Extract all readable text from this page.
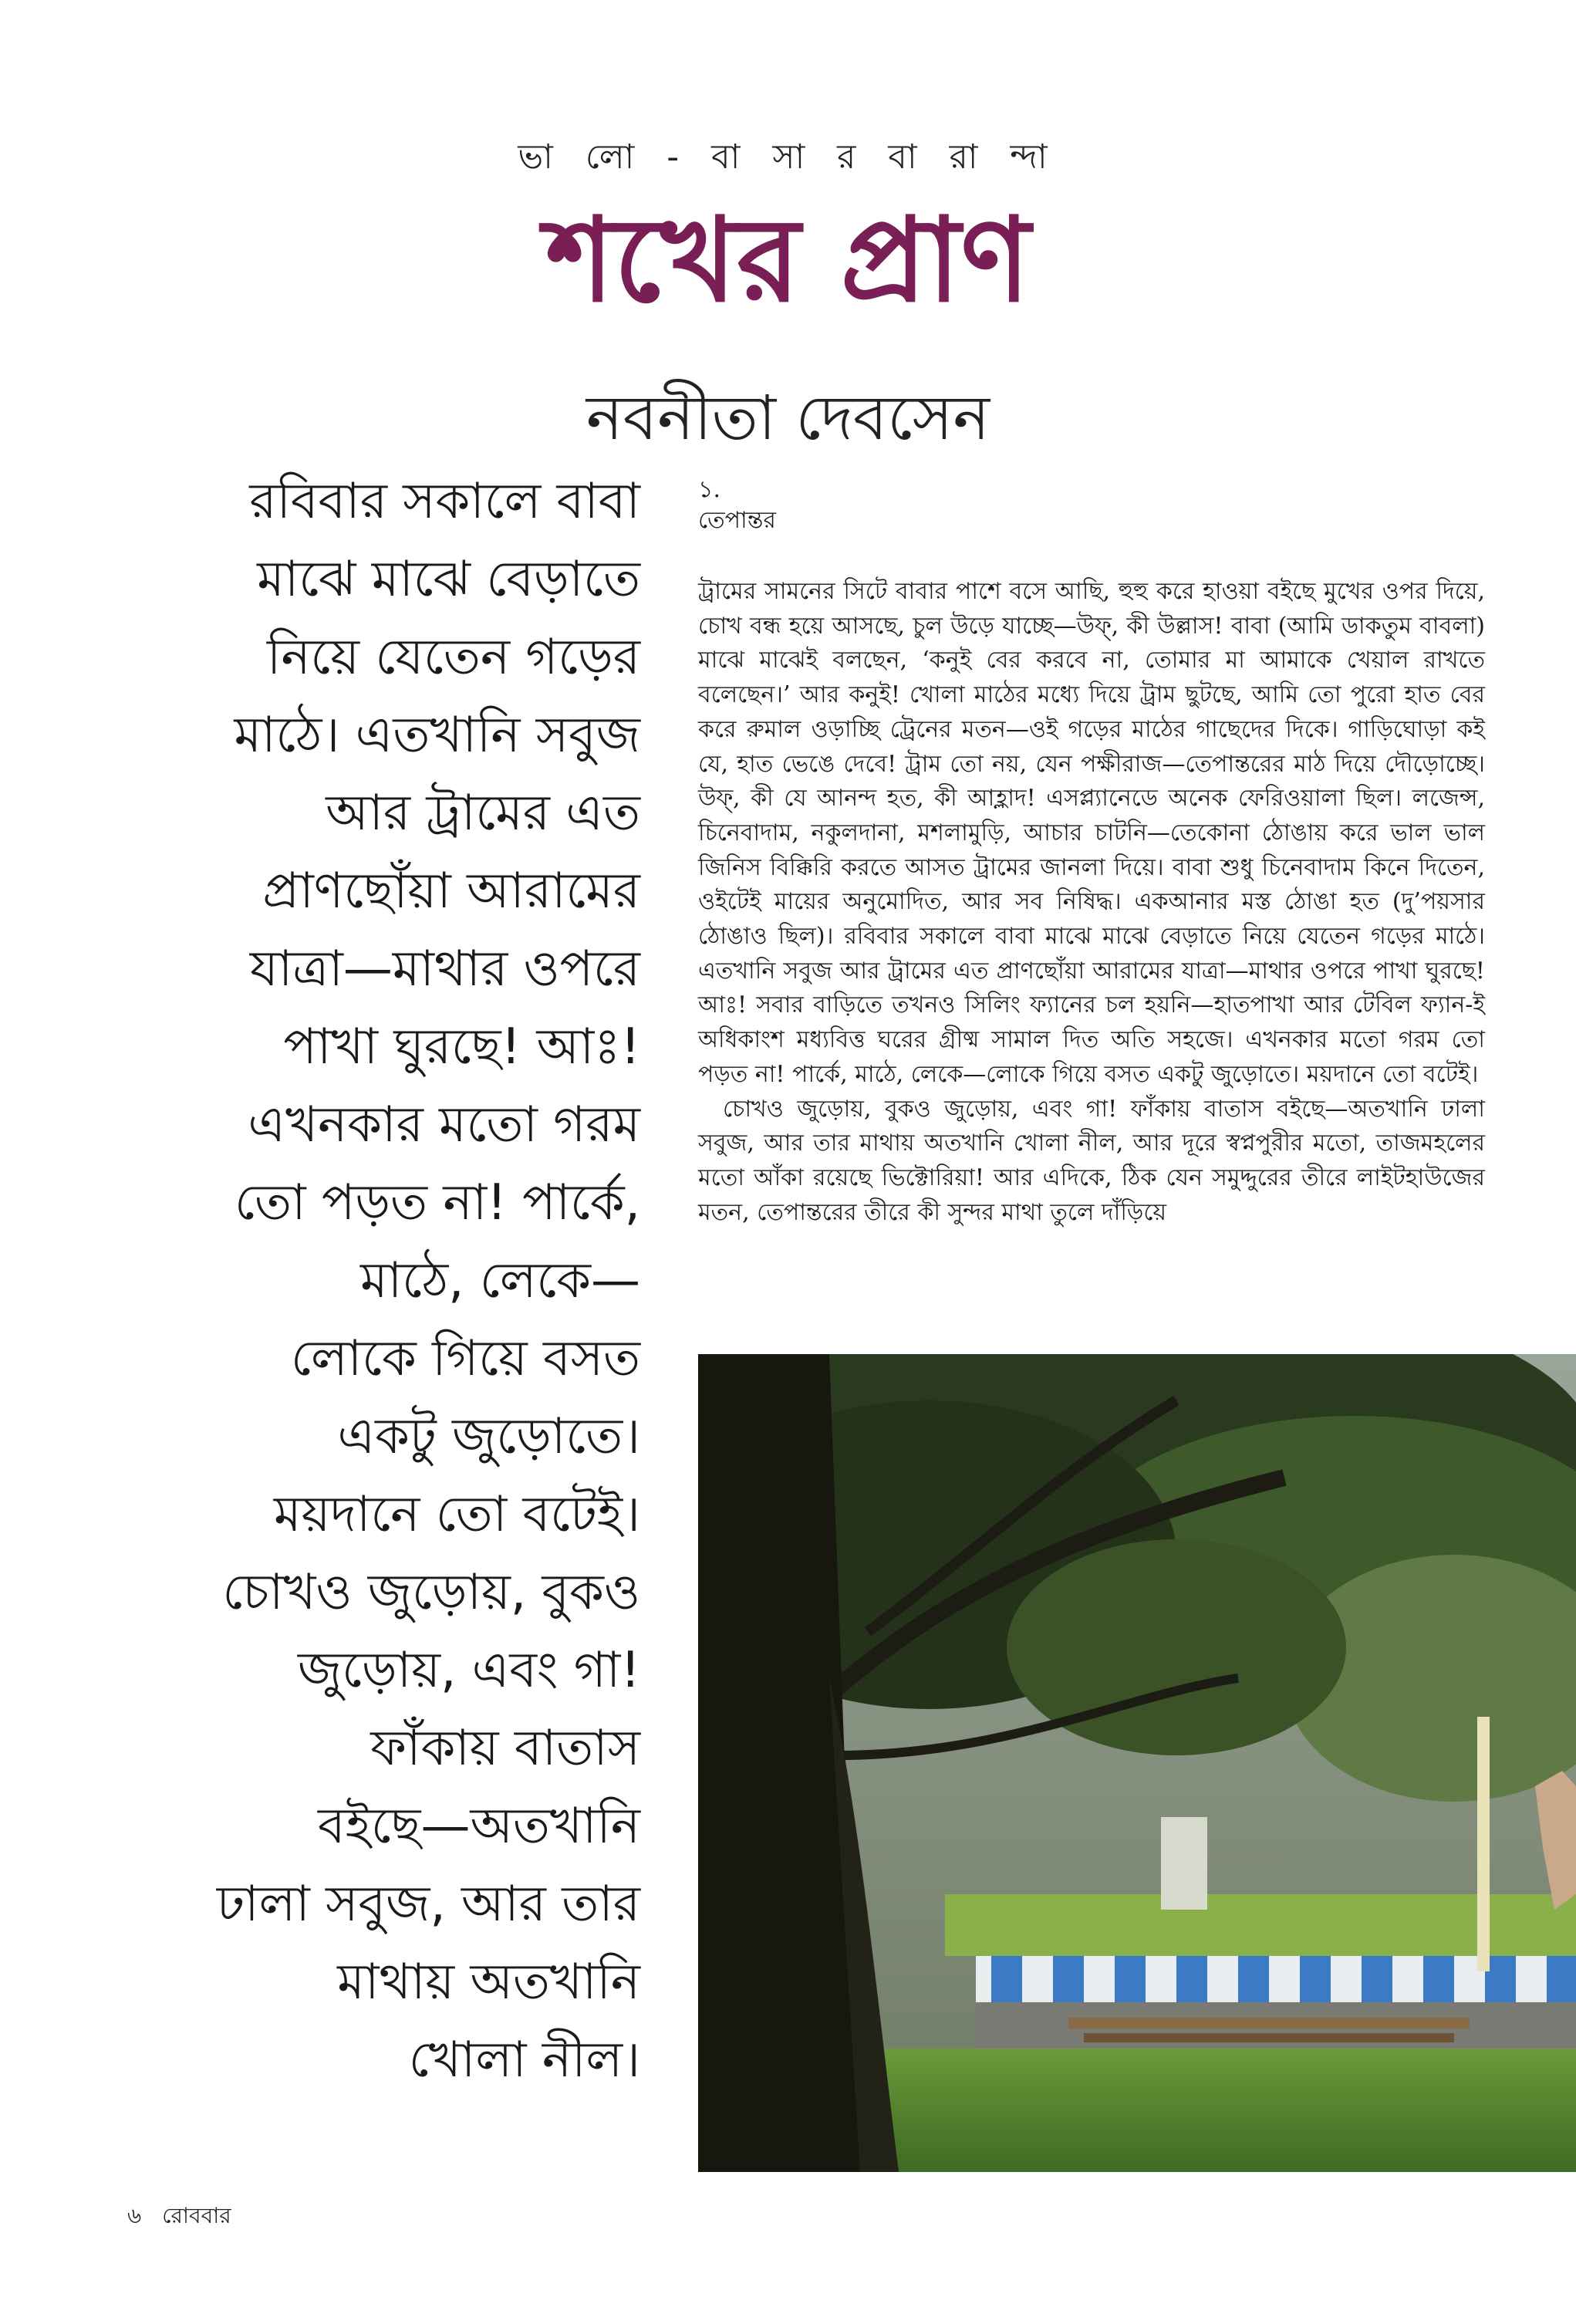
ভা লো - বা সা র বা রা ন্দা
শখের প্রাণ
নবনীতা দেবসেন
রবিবার সকালে বাবা
মাঝে মাঝে বেড়াতে
নিয়ে যেতেন গড়ের
মাঠে। এতখানি সবুজ
আর ট্রামের এত
প্রাণছোঁয়া আরামের
যাত্রা—মাথার ওপরে
পাখা ঘুরছে! আঃ!
এখনকার মতো গরম
তো পড়ত না! পার্কে,
মাঠে, লেকে—
লোকে গিয়ে বসত
একটু জুড়োতে।
ময়দানে তো বটেই।
চোখও জুড়োয়, বুকও
জুড়োয়, এবং গা!
ফাঁকায় বাতাস
বইছে—অতখানি
ঢালা সবুজ, আর তার
মাথায় অতখানি
খোলা নীল।
১.
তেপান্তর

ট্রামের সামনের সিটে বাবার পাশে বসে আছি, হুহু করে হাওয়া বইছে মুখের ওপর দিয়ে, চোখ বন্ধ হয়ে আসছে, চুল উড়ে যাচ্ছে—উফ্‌, কী উল্লাস! বাবা (আমি ডাকতুম বাবলা) মাঝে মাঝেই বলছেন, ‘কনুই বের করবে না, তোমার মা আমাকে খেয়াল রাখতে বলেছেন।’ আর কনুই! খোলা মাঠের মধ্যে দিয়ে ট্রাম ছুটছে, আমি তো পুরো হাত বের করে রুমাল ওড়াচ্ছি ট্রেনের মতন—ওই গড়ের মাঠের গাছেদের দিকে। গাড়িঘোড়া কই যে, হাত ভেঙে দেবে! ট্রাম তো নয়, যেন পক্ষীরাজ—তেপান্তরের মাঠ দিয়ে দৌড়োচ্ছে। উফ্‌, কী যে আনন্দ হত, কী আহ্লাদ! এসপ্ল্যানেডে অনেক ফেরিওয়ালা ছিল। লজেন্স, চিনেবাদাম, নকুলদানা, মশলামুড়ি, আচার চাটনি—তেকোনা ঠোঙায় করে ভাল ভাল জিনিস বিক্কিরি করতে আসত ট্রামের জানলা দিয়ে। বাবা শুধু চিনেবাদাম কিনে দিতেন, ওইটেই মায়ের অনুমোদিত, আর সব নিষিদ্ধ। একআনার মস্ত ঠোঙা হত (দু’পয়সার ঠোঙাও ছিল)। রবিবার সকালে বাবা মাঝে মাঝে বেড়াতে নিয়ে যেতেন গড়ের মাঠে। এতখানি সবুজ আর ট্রামের এত প্রাণছোঁয়া আরামের যাত্রা—মাথার ওপরে পাখা ঘুরছে! আঃ! সবার বাড়িতে তখনও সিলিং ফ্যানের চল হয়নি—হাতপাখা আর টেবিল ফ্যান-ই অধিকাংশ মধ্যবিত্ত ঘরের গ্রীষ্ম সামাল দিত অতি সহজে। এখনকার মতো গরম তো পড়ত না! পার্কে, মাঠে, লেকে—লোকে গিয়ে বসত একটু জুড়োতে। ময়দানে তো বটেই।

চোখও জুড়োয়, বুকও জুড়োয়, এবং গা! ফাঁকায় বাতাস বইছে—অতখানি ঢালা সবুজ, আর তার মাথায় অতখানি খোলা নীল, আর দূরে স্বপ্নপুরীর মতো, তাজমহলের মতো আঁকা রয়েছে ভিক্টোরিয়া! আর এদিকে, ঠিক যেন সমুদ্দুরের তীরে লাইটহাউজের মতন, তেপান্তরের তীরে কী সুন্দর মাথা তুলে দাঁড়িয়ে

৬ রোববার
